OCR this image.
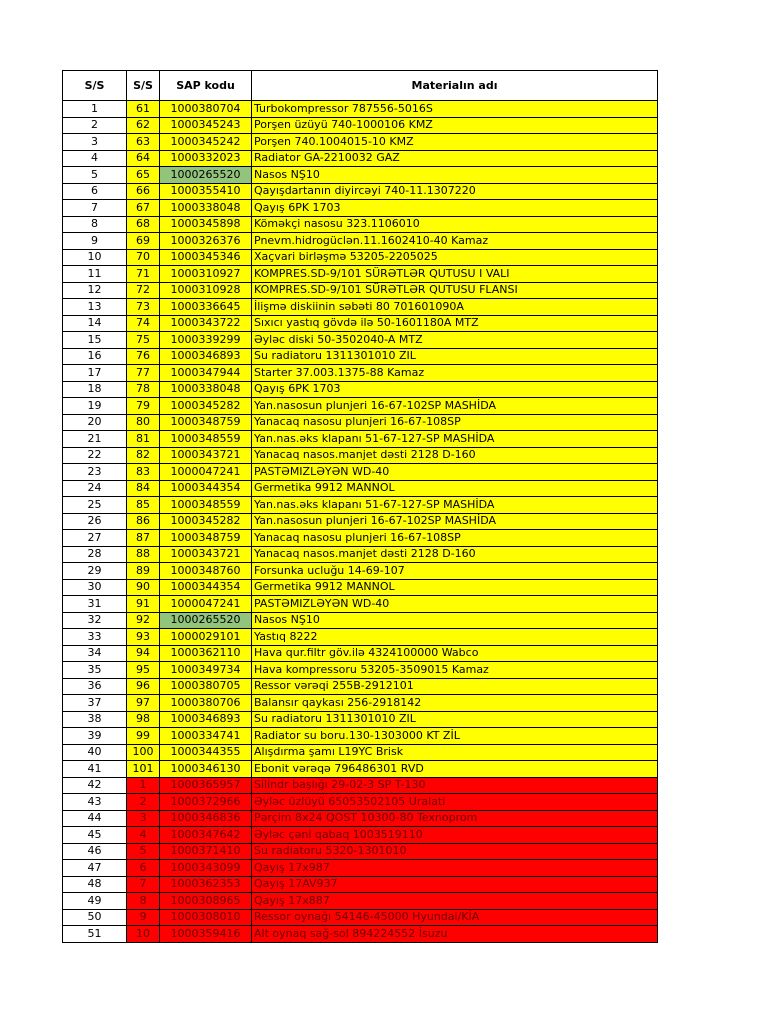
S/S	S/S	SAP kodu	Materialın adı
1	61	1000380704	Turbokompressor 787556-5016S
2	62	1000345243	Porşen üzüyü 740-1000106 KMZ
3	63	1000345242	Porşen 740.1004015-10 KMZ
4	64	1000332023	Radiator GA-2210032 GAZ
5	65	1000265520	Nasos NŞ10
6	66	1000355410	Qayışdartanın diyircəyi 740-11.1307220
7	67	1000338048	Qayış 6PK 1703
8	68	1000345898	Köməkçi nasosu 323.1106010
9	69	1000326376	Pnevm.hidrogüclən.11.1602410-40 Kamaz
10	70	1000345346	Xaçvari birləşmə 53205-2205025
11	71	1000310927	KOMPRES.SD-9/101 SÜRƏTLƏR QUTUSU I VALI
12	72	1000310928	KOMPRES.SD-9/101 SÜRƏTLƏR QUTUSU FLANSI
13	73	1000336645	İlişmə diskiinin səbəti 80 701601090A
14	74	1000343722	Sıxıcı yastıq gövdə ilə 50-1601180A MTZ
15	75	1000339299	Əyləc diski 50-3502040-A MTZ
16	76	1000346893	Su radiatoru 1311301010 ZIL
17	77	1000347944	Starter 37.003.1375-88 Kamaz
18	78	1000338048	Qayış 6PK 1703
19	79	1000345282	Yan.nasosun plunjeri 16-67-102SP MASHİDA
20	80	1000348759	Yanacaq nasosu plunjeri 16-67-108SP
21	81	1000348559	Yan.nas.əks klapanı 51-67-127-SP MASHİDA
22	82	1000343721	Yanacaq nasos.manjet dəsti 2128 D-160
23	83	1000047241	PASTƏMIZLƏYƏN WD-40
24	84	1000344354	Germetika 9912 MANNOL
25	85	1000348559	Yan.nas.əks klapanı 51-67-127-SP MASHİDA
26	86	1000345282	Yan.nasosun plunjeri 16-67-102SP MASHİDA
27	87	1000348759	Yanacaq nasosu plunjeri 16-67-108SP
28	88	1000343721	Yanacaq nasos.manjet dəsti 2128 D-160
29	89	1000348760	Forsunka ucluğu 14-69-107
30	90	1000344354	Germetika 9912 MANNOL
31	91	1000047241	PASTƏMIZLƏYƏN WD-40
32	92	1000265520	Nasos NŞ10
33	93	1000029101	Yastıq 8222
34	94	1000362110	Hava qur.filtr göv.ilə 4324100000 Wabco
35	95	1000349734	Hava kompressoru 53205-3509015 Kamaz
36	96	1000380705	Ressor vərəqi 255B-2912101
37	97	1000380706	Balansır qaykası 256-2918142
38	98	1000346893	Su radiatoru 1311301010 ZIL
39	99	1000334741	Radiator su boru.130-1303000 KT ZİL
40	100	1000344355	Alışdırma şamı L19YC Brisk
41	101	1000346130	Ebonit vərəqə 796486301 RVD
42	1	1000365957	Silindr başlığı 29-02-3 SP T-130
43	2	1000372966	Əyləc üzlüyü 65053502105 Uralati
44	3	1000346836	Pərçim 8x24 QOST 10300-80 Texnoprom
45	4	1000347642	Əyləc çəni qabaq 1003519110
46	5	1000371410	Su radiatoru 5320-1301010
47	6	1000343099	Qayış 17x987
48	7	1000362353	Qayış 17AV937
49	8	1000308965	Qayış 17x887
50	9	1000308010	Ressor oynağı 54146-45000 Hyundai/KİA
51	10	1000359416	Alt oynaq sağ-sol 894224552 İsuzu
